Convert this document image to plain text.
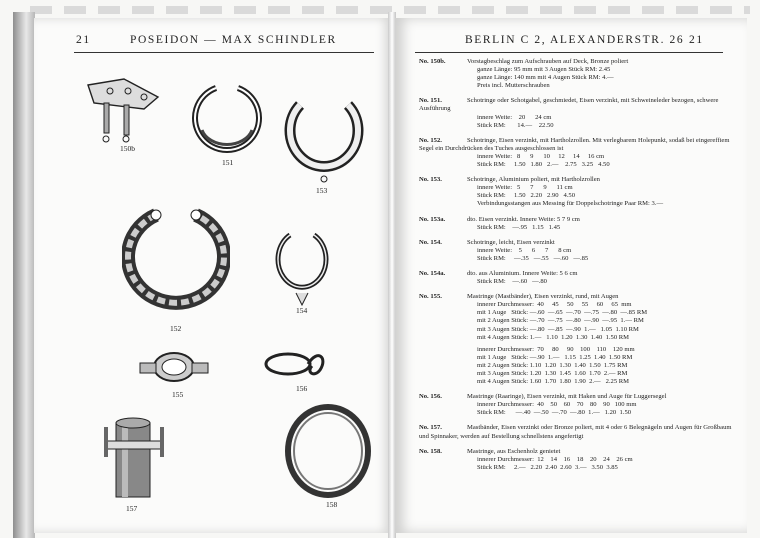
21	POSEIDON — MAX SCHINDLER
150b
151
153
152
154
155
156
157	158
BERLIN C 2, ALEXANDERSTR. 26 21
No. 150b.	Vorstagbeschlag zum Aufschrauben auf Deck, Bronze poliert
ganze Länge: 95 mm mit 3 Augen Stück RM: 2.45
ganze Länge: 140 mm mit 4 Augen Stück RM: 4.—
Preis incl. Mutterschrauben
No. 151.	Schotringe oder Schotgabel, geschmiedet, Eisen verzinkt, mit Schweineleder bezogen, schwere Ausführung
innere Weite:    20      24 cm
Stück RM:       14.—    22.50
No. 152.	Schotringe, Eisen verzinkt, mit Hartholzrollen. Mit verlegbarem Holepunkt, sodaß bei eingereffiem Segel ein Durchdrücken des Tuches ausgeschlossen ist
innere Weite:   8      9      10     12     14     16 cm
Stück RM:     1.50   1.80   2.—    2.75   3.25   4.50
No. 153.	Schotringe, Aluminium poliert, mit Hartholzrollen
innere Weite:   5      7      9      11 cm
Stück RM:     1.50   2.20   2.90   4.50
Verbindungsstangen aus Messing für Doppelschotringe Paar RM: 3.—
No. 153a.	dto. Eisen verzinkt. Innere Weite: 5 7 9 cm
Stück RM:    —.95   1.15   1.45
No. 154.	Schotringe, leicht, Eisen verzinkt
innere Weite:    5      6      7      8 cm
Stück RM:     —.35   —.55   —.60   —.85
No. 154a.	dto. aus Aluminium. Innere Weite: 5 6 cm
Stück RM:    —.60   —.80
No. 155.	Mastringe (Mastbänder), Eisen verzinkt, rund, mit Augen
innerer Durchmesser:  40     45     50     55     60     65  mm
mit 1 Auge   Stück: —.60  —.65  —.70  —.75  —.80  —.85 RM
mit 2 Augen Stück: —.70  —.75  —.80  —.90  —.95  1.— RM
mit 3 Augen Stück: —.80  —.85  —.90  1.—   1.05  1.10 RM
mit 4 Augen Stück: 1.—   1.10  1.20  1.30  1.40  1.50 RM
innerer Durchmesser:  70     80     90    100    110    120 mm
mit 1 Auge   Stück: —.90  1.—   1.15  1.25  1.40  1.50 RM
mit 2 Augen Stück: 1.10  1.20  1.30  1.40  1.50  1.75 RM
mit 3 Augen Stück: 1.20  1.30  1.45  1.60  1.70  2.— RM
mit 4 Augen Stück: 1.60  1.70  1.80  1.90  2.—   2.25 RM
No. 156.	Mastringe (Raaringe), Eisen verzinkt, mit Haken und Auge für Luggersegel
innerer Durchmesser:  40    50    60    70    80    90   100 mm
Stück RM:      —.40  —.50  —.70  —.80  1.—   1.20  1.50
No. 157.	Mastbänder, Eisen verzinkt oder Bronze poliert, mit 4 oder 6 Belegnägeln und Augen für Großbaum und Spinnaker, werden auf Bestellung schnellstens angefertigt
No. 158.	Mastringe, aus Eschenholz genietet
innerer Durchmesser:  12    14    16    18    20    24    26 cm
Stück RM:     2.—   2.20  2.40  2.60  3.—   3.50  3.85
